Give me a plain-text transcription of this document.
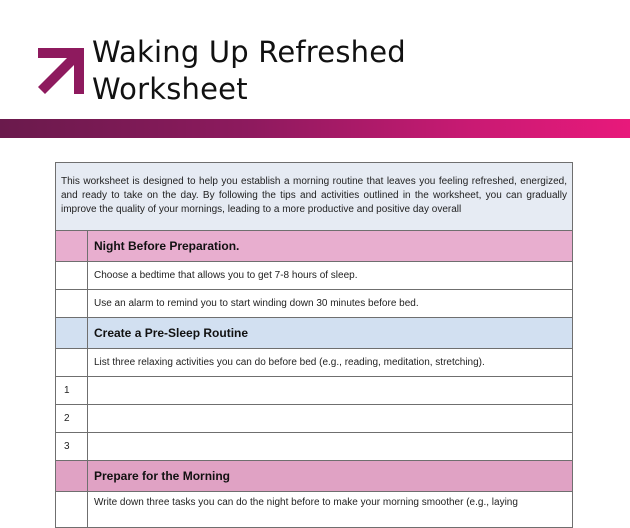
Waking Up Refreshed
Worksheet
This worksheet is designed to help you establish a morning routine that leaves you feeling refreshed, energized, and ready to take on the day. By following the tips and activities outlined in the worksheet, you can gradually improve the quality of your mornings, leading to a more productive and positive day overall	
	Night Before Preparation.
	Choose a bedtime that allows you to get 7-8 hours of sleep.
	Use an alarm to remind you to start winding down 30 minutes before bed.
	Create a Pre-Sleep Routine
	List three relaxing activities you can do before bed (e.g., reading, meditation, stretching).
1	
2	
3	
	Prepare for the Morning
	Write down three tasks you can do the night before to make your morning smoother (e.g., laying
